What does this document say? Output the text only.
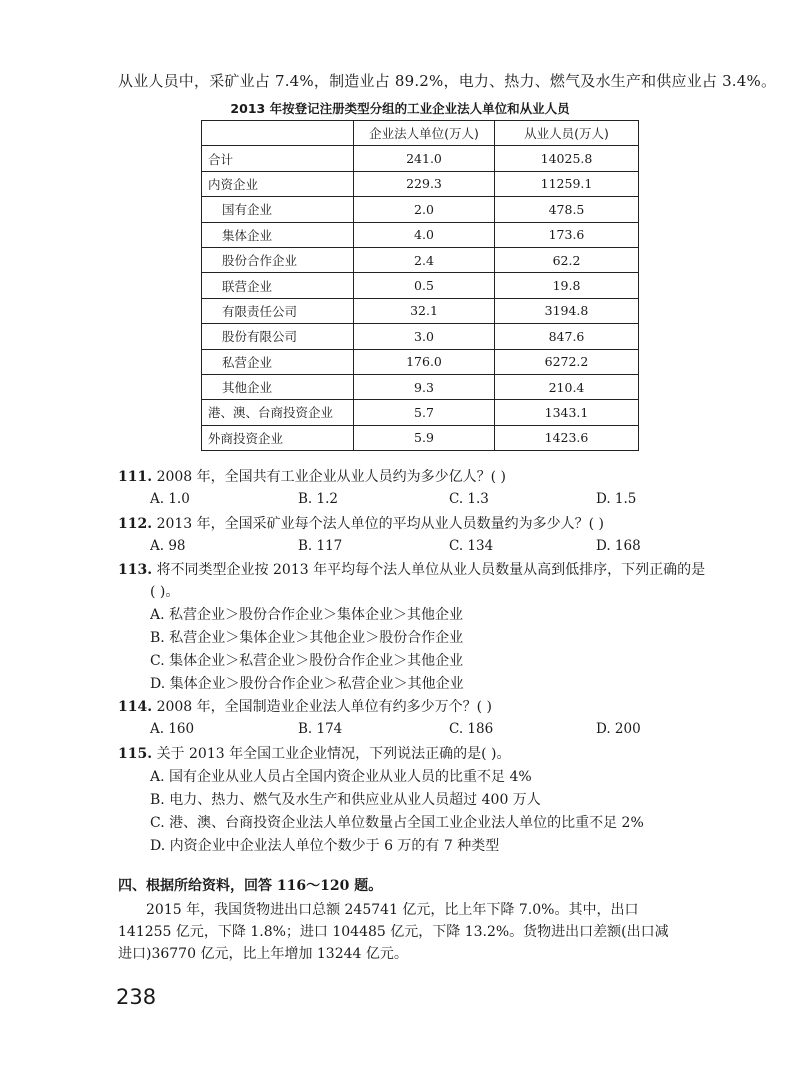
从业人员中，采矿业占 7.4%，制造业占 89.2%，电力、热力、燃气及水生产和供应业占 3.4%。
2013 年按登记注册类型分组的工业企业法人单位和从业人员
	企业法人单位(万人)	从业人员(万人)
合计	241.0	14025.8
内资企业	229.3	11259.1
国有企业	2.0	478.5
集体企业	4.0	173.6
股份合作企业	2.4	62.2
联营企业	0.5	19.8
有限责任公司	32.1	3194.8
股份有限公司	3.0	847.6
私营企业	176.0	6272.2
其他企业	9.3	210.4
港、澳、台商投资企业	5.7	1343.1
外商投资企业	5.9	1423.6
111. 2008 年，全国共有工业企业从业人员约为多少亿人？( )
A. 1.0	B. 1.2	C. 1.3	D. 1.5
112. 2013 年，全国采矿业每个法人单位的平均从业人员数量约为多少人？( )
A. 98	B. 117	C. 134	D. 168
113. 将不同类型企业按 2013 年平均每个法人单位从业人员数量从高到低排序，下列正确的是
( )。
A. 私营企业＞股份合作企业＞集体企业＞其他企业
B. 私营企业＞集体企业＞其他企业＞股份合作企业
C. 集体企业＞私营企业＞股份合作企业＞其他企业
D. 集体企业＞股份合作企业＞私营企业＞其他企业
114. 2008 年，全国制造业企业法人单位有约多少万个？( )
A. 160	B. 174	C. 186	D. 200
115. 关于 2013 年全国工业企业情况，下列说法正确的是( )。
A. 国有企业从业人员占全国内资企业从业人员的比重不足 4%
B. 电力、热力、燃气及水生产和供应业从业人员超过 400 万人
C. 港、澳、台商投资企业法人单位数量占全国工业企业法人单位的比重不足 2%
D. 内资企业中企业法人单位个数少于 6 万的有 7 种类型
四、根据所给资料，回答 116～120 题。
2015 年，我国货物进出口总额 245741 亿元，比上年下降 7.0%。其中，出口 141255 亿元，下降 1.8%；进口 104485 亿元，下降 13.2%。货物进出口差额(出口减进口)36770 亿元，比上年增加 13244 亿元。
238
